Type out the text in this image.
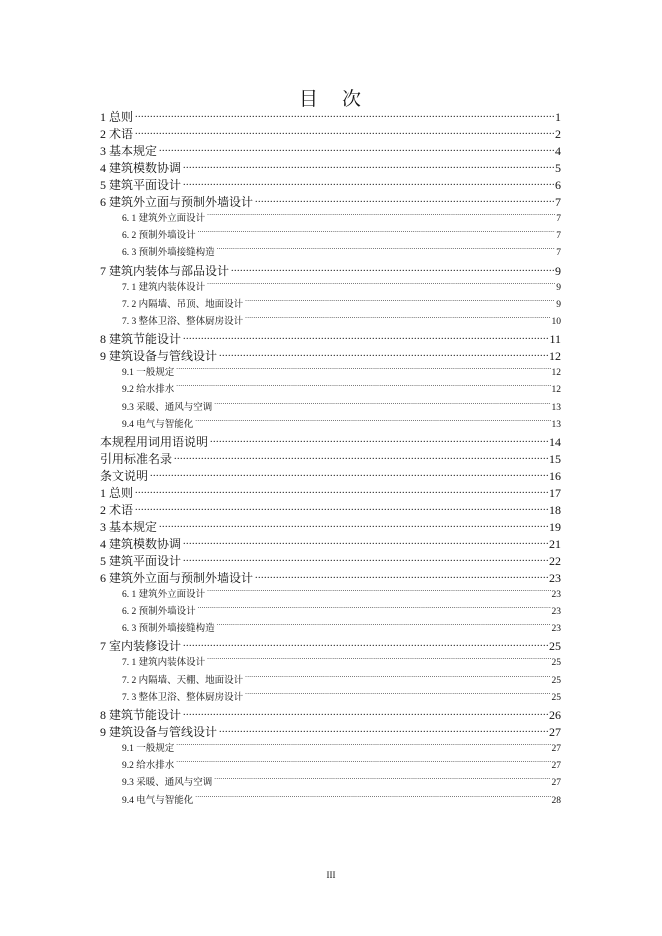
目 次
1 总则 .....	1
2 术语 .....	2
3 基本规定 .....	4
4 建筑模数协调 .....	5
5 建筑平面设计 .....	6
6 建筑外立面与预制外墙设计 .....	7
6. 1 建筑外立面设计 .....	7
6. 2 预制外墙设计 .....	7
6. 3 预制外墙接缝构造 .....	7
7 建筑内装体与部品设计 .....	9
7. 1 建筑内装体设计 .....	9
7. 2 内隔墙、吊顶、地面设计 .....	9
7. 3 整体卫浴、整体厨房设计 .....	10
8 建筑节能设计 .....	11
9 建筑设备与管线设计 .....	12
9.1 一般规定 .....	12
9.2 给水排水 .....	12
9.3 采暖、通风与空调 .....	13
9.4 电气与智能化 .....	13
本规程用词用语说明 .....	14
引用标准名录 .....	15
条文说明 .....	16
1 总则 .....	17
2 术语 .....	18
3 基本规定 .....	19
4 建筑模数协调 .....	21
5 建筑平面设计 .....	22
6 建筑外立面与预制外墙设计 .....	23
6. 1 建筑外立面设计 .....	23
6. 2 预制外墙设计 .....	23
6. 3 预制外墙接缝构造 .....	23
7 室内装修设计 .....	25
7. 1 建筑内装体设计 .....	25
7. 2 内隔墙、天棚、地面设计 .....	25
7. 3 整体卫浴、整体厨房设计 .....	25
8 建筑节能设计 .....	26
9 建筑设备与管线设计 .....	27
9.1 一般规定 .....	27
9.2 给水排水 .....	27
9.3 采暖、通风与空调 .....	27
9.4 电气与智能化 .....	28
III
